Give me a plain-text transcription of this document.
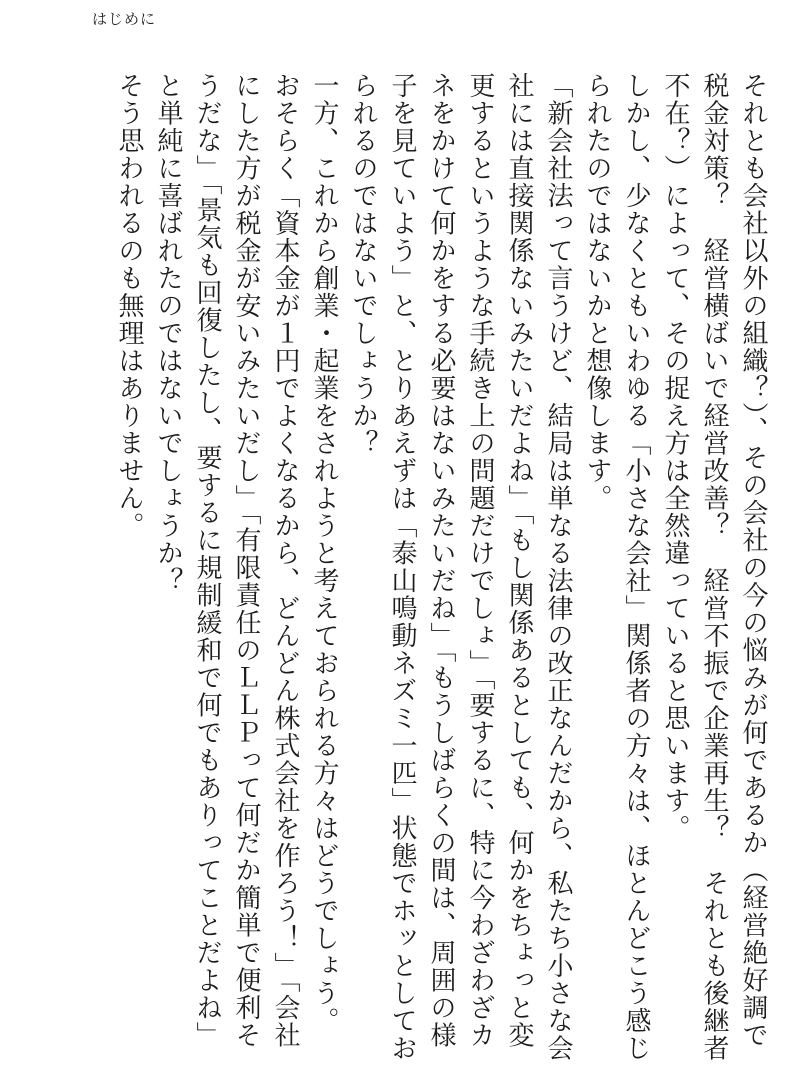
はじめに

それとも会社以外の組織？）、その会社の今の悩みが何であるか（経営絶好調で税金対策？　経営横ばいで経営改善？　経営不振で企業再生？　それとも後継者不在？）によって、その捉え方は全然違っていると思います。

しかし、少なくともいわゆる「小さな会社」関係者の方々は、ほとんどこう感じられたのではないかと想像します。

「新会社法って言うけど、結局は単なる法律の改正なんだから、私たち小さな会社には直接関係ないみたいだよね」「もし関係あるとしても、何かをちょっと変更するというような手続き上の問題だけでしょ」「要するに、特に今わざわざカネをかけて何かをする必要はないみたいだね」「もうしばらくの間は、周囲の様子を見ていよう」と、とりあえずは「泰山鳴動ネズミ一匹」状態でホッとしておられるのではないでしょうか？

一方、これから創業・起業をされようと考えておられる方々はどうでしょう。

おそらく「資本金が１円でよくなるから、どんどん株式会社を作ろう！」「会社にした方が税金が安いみたいだし」「有限責任のＬＬＰって何だか簡単で便利そうだな」「景気も回復したし、要するに規制緩和で何でもありってことだよね」と単純に喜ばれたのではないでしょうか？

そう思われるのも無理はありません。
